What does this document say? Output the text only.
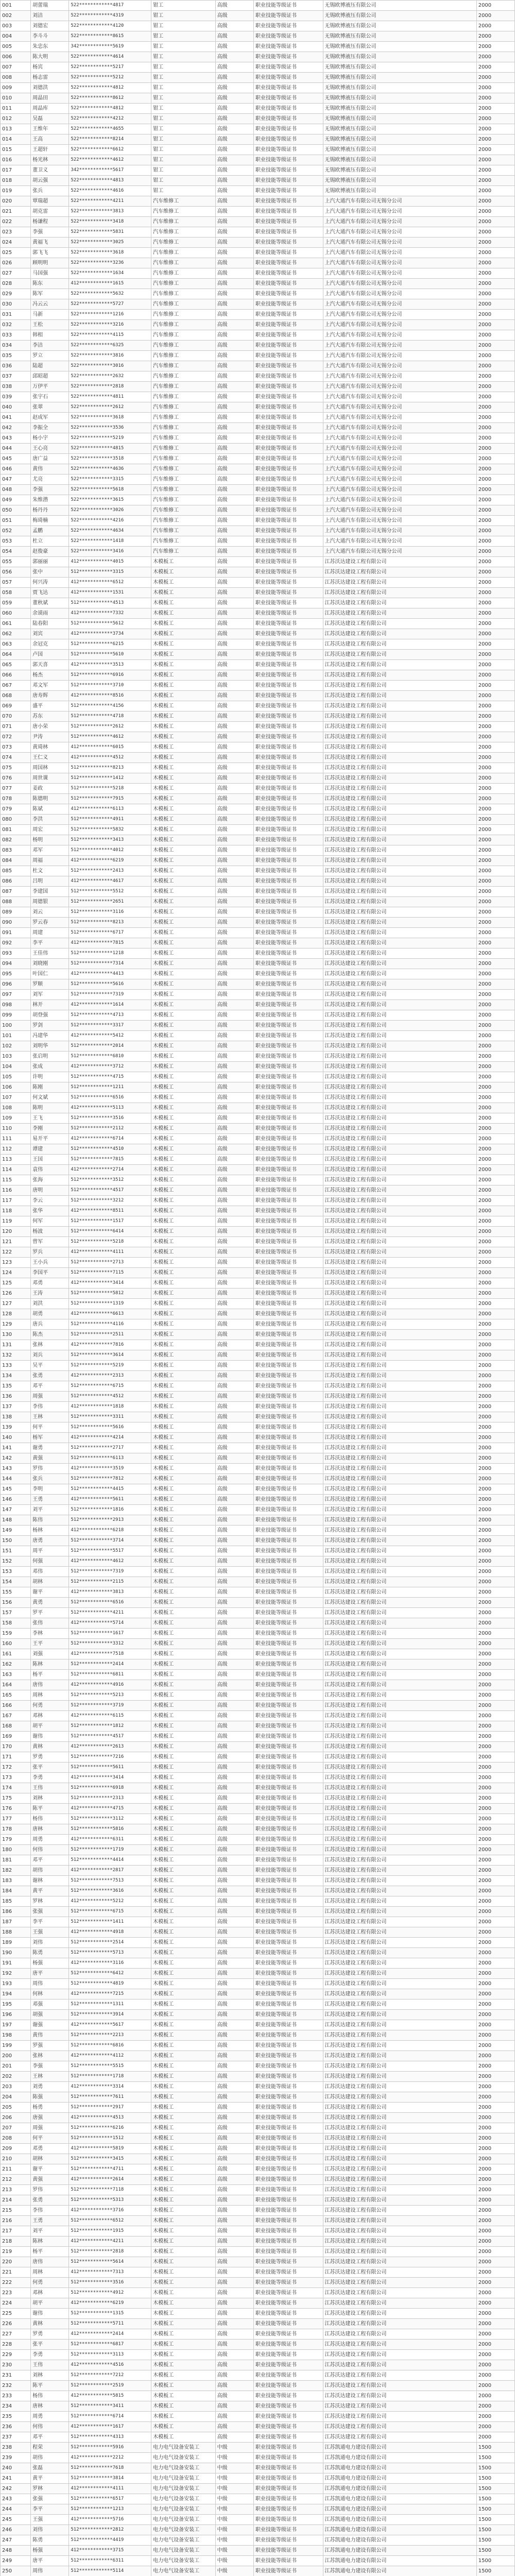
001	胡蕾瑞	522************4817	钳工	高级	职业技能等级证书	无锡欧博液压有限公司	2000
002	刘洁	522************4319	钳工	高级	职业技能等级证书	无锡欧博液压有限公司	2000
003	刘德宏	522************4120	钳工	高级	职业技能等级证书	无锡欧博液压有限公司	2000
004	李斗斗	522************8615	钳工	高级	职业技能等级证书	无锡欧博液压有限公司	2000
005	朱忠东	342************5619	钳工	高级	职业技能等级证书	无锡欧博液压有限公司	2000
006	陈大明	522************4614	钳工	高级	职业技能等级证书	无锡欧博液压有限公司	2000
007	杨宾	522************5217	钳工	高级	职业技能等级证书	无锡欧博液压有限公司	2000
008	杨志雷	522************5212	钳工	高级	职业技能等级证书	无锡欧博液压有限公司	2000
009	刘德洪	522************4812	钳工	高级	职业技能等级证书	无锡欧博液压有限公司	2000
010	周晶田	522************8612	钳工	高级	职业技能等级证书	无锡欧博液压有限公司	2000
011	周晶库	522************4812	钳工	高级	职业技能等级证书	无锡欧博液压有限公司	2000
012	吴磊	522************4212	钳工	高级	职业技能等级证书	无锡欧博液压有限公司	2000
013	王维年	522************4655	钳工	高级	职业技能等级证书	无锡欧博液压有限公司	2000
014	王高	522************8214	钳工	高级	职业技能等级证书	无锡欧博液压有限公司	2000
015	王超轩	522************6612	钳工	高级	职业技能等级证书	无锡欧博液压有限公司	2000
016	杨光林	522************4612	钳工	高级	职业技能等级证书	无锡欧博液压有限公司	2000
017	董卫义	342************5617	钳工	高级	职业技能等级证书	无锡欧博液压有限公司	2000
018	胡云强	522************4813	钳工	高级	职业技能等级证书	无锡欧博液压有限公司	2000
019	张兵	522************4616	钳工	高级	职业技能等级证书	无锡欧博液压有限公司	2000
020	覃瑞超	522************4211	汽车维修工	高级	职业技能等级证书	上汽大通汽车有限公司无锡分公司	2000
021	胡克雷	522************3813	汽车维修工	高级	职业技能等级证书	上汽大通汽车有限公司无锡分公司	2000
022	杨谦程	522************3418	汽车维修工	高级	职业技能等级证书	上汽大通汽车有限公司无锡分公司	2000
023	李强	522************5831	汽车维修工	高级	职业技能等级证书	上汽大通汽车有限公司无锡分公司	2000
024	黄福飞	522************3025	汽车维修工	高级	职业技能等级证书	上汽大通汽车有限公司无锡分公司	2000
025	郭飞飞	522************3618	汽车维修工	高级	职业技能等级证书	上汽大通汽车有限公司无锡分公司	2000
026	顾明明	522************3236	汽车维修工	高级	职业技能等级证书	上汽大通汽车有限公司无锡分公司	2000
027	马国强	522************1634	汽车维修工	高级	职业技能等级证书	上汽大通汽车有限公司无锡分公司	2000
028	陈东	412************1615	汽车维修工	高级	职业技能等级证书	上汽大通汽车有限公司无锡分公司	2000
029	陈军	522************5632	汽车维修工	高级	职业技能等级证书	上汽大通汽车有限公司无锡分公司	2000
030	冯云云	522************5727	汽车维修工	高级	职业技能等级证书	上汽大通汽车有限公司无锡分公司	2000
031	马新	522************1216	汽车维修工	高级	职业技能等级证书	上汽大通汽车有限公司无锡分公司	2000
032	王松	522************3216	汽车维修工	高级	职业技能等级证书	上汽大通汽车有限公司无锡分公司	2000
033	韩相	522************4115	汽车维修工	高级	职业技能等级证书	上汽大通汽车有限公司无锡分公司	2000
034	李洁	522************6325	汽车维修工	高级	职业技能等级证书	上汽大通汽车有限公司无锡分公司	2000
035	罗立	522************3816	汽车维修工	高级	职业技能等级证书	上汽大通汽车有限公司无锡分公司	2000
036	陆超	522************3016	汽车维修工	高级	职业技能等级证书	上汽大通汽车有限公司无锡分公司	2000
037	邱昭超	522************2632	汽车维修工	高级	职业技能等级证书	上汽大通汽车有限公司无锡分公司	2000
038	万伊平	522************2818	汽车维修工	高级	职业技能等级证书	上汽大通汽车有限公司无锡分公司	2000
039	张宇石	522************4811	汽车维修工	高级	职业技能等级证书	上汽大通汽车有限公司无锡分公司	2000
040	张翠	522************2612	汽车维修工	高级	职业技能等级证书	上汽大通汽车有限公司无锡分公司	2000
041	赵成军	522************3618	汽车维修工	高级	职业技能等级证书	上汽大通汽车有限公司无锡分公司	2000
042	李振全	522************3536	汽车维修工	高级	职业技能等级证书	上汽大通汽车有限公司无锡分公司	2000
043	杨小宇	522************5219	汽车维修工	高级	职业技能等级证书	上汽大通汽车有限公司无锡分公司	2000
044	王心亮	522************4815	汽车维修工	高级	职业技能等级证书	上汽大通汽车有限公司无锡分公司	2000
045	唐广益	522************3518	汽车维修工	高级	职业技能等级证书	上汽大通汽车有限公司无锡分公司	2000
046	黄伟	522************4636	汽车维修工	高级	职业技能等级证书	上汽大通汽车有限公司无锡分公司	2000
047	尤亮	522************3315	汽车维修工	高级	职业技能等级证书	上汽大通汽车有限公司无锡分公司	2000
048	李强	522************5618	汽车维修工	高级	职业技能等级证书	上汽大通汽车有限公司无锡分公司	2000
049	朱维潜	522************3615	汽车维修工	高级	职业技能等级证书	上汽大通汽车有限公司无锡分公司	2000
050	杨丹丹	522************3026	汽车维修工	高级	职业技能等级证书	上汽大通汽车有限公司无锡分公司	2000
051	梅琦楠	522************4216	汽车维修工	高级	职业技能等级证书	上汽大通汽车有限公司无锡分公司	2000
052	孟鹏	522************4634	汽车维修工	高级	职业技能等级证书	上汽大通汽车有限公司无锡分公司	2000
053	杜立	522************1418	汽车维修工	高级	职业技能等级证书	上汽大通汽车有限公司无锡分公司	2000
054	赵俊豪	522************3416	汽车维修工	高级	职业技能等级证书	上汽大通汽车有限公司无锡分公司	2000
055	郭丽丽	412************4015	木模板工	高级	职业技能等级证书	江苏沃达建设工程有限公司	2000
056	张中	512************3315	木模板工	高级	职业技能等级证书	江苏沃达建设工程有限公司	2000
057	何兴涛	412************6512	木模板工	高级	职业技能等级证书	江苏沃达建设工程有限公司	2000
058	贾飞达	412************1531	木模板工	高级	职业技能等级证书	江苏沃达建设工程有限公司	2000
059	董秋斌	512************4513	木模板工	高级	职业技能等级证书	江苏沃达建设工程有限公司	2000
060	余谟雨	412************7332	木模板工	高级	职业技能等级证书	江苏沃达建设工程有限公司	2000
061	陆春阳	512************5612	木模板工	高级	职业技能等级证书	江苏沃达建设工程有限公司	2000
062	刘宾	412************3734	木模板工	高级	职业技能等级证书	江苏沃达建设工程有限公司	2000
063	余冠克	512************6215	木模板工	高级	职业技能等级证书	江苏沃达建设工程有限公司	2000
064	卢国	512************5610	木模板工	高级	职业技能等级证书	江苏沃达建设工程有限公司	2000
065	郭天喜	412************3513	木模板工	高级	职业技能等级证书	江苏沃达建设工程有限公司	2000
066	杨杰	512************6916	木模板工	高级	职业技能等级证书	江苏沃达建设工程有限公司	2000
067	邓文军	512************3710	木模板工	高级	职业技能等级证书	江苏沃达建设工程有限公司	2000
068	唐寿辉	412************8516	木模板工	高级	职业技能等级证书	江苏沃达建设工程有限公司	2000
069	盛平	512************4156	木模板工	高级	职业技能等级证书	江苏沃达建设工程有限公司	2000
070	苏东	512************4718	木模板工	高级	职业技能等级证书	江苏沃达建设工程有限公司	2000
071	唐小荣	512************2612	木模板工	高级	职业技能等级证书	江苏沃达建设工程有限公司	2000
072	尹涛	512************4612	木模板工	高级	职业技能等级证书	江苏沃达建设工程有限公司	2000
073	黄琦林	412************6015	木模板工	高级	职业技能等级证书	江苏沃达建设工程有限公司	2000
074	王仁义	412************4512	木模板工	高级	职业技能等级证书	江苏沃达建设工程有限公司	2000
075	周国林	512************8213	木模板工	高级	职业技能等级证书	江苏沃达建设工程有限公司	2000
076	周世课	512************1412	木模板工	高级	职业技能等级证书	江苏沃达建设工程有限公司	2000
077	姜政	512************5218	木模板工	高级	职业技能等级证书	江苏沃达建设工程有限公司	2000
078	陈德明	512************7915	木模板工	高级	职业技能等级证书	江苏沃达建设工程有限公司	2000
079	陈斌	412************6113	木模板工	高级	职业技能等级证书	江苏沃达建设工程有限公司	2000
080	李洪	512************4911	木模板工	高级	职业技能等级证书	江苏沃达建设工程有限公司	2000
081	周宏	512************5832	木模板工	高级	职业技能等级证书	江苏沃达建设工程有限公司	2000
082	杨明	512************3413	木模板工	高级	职业技能等级证书	江苏沃达建设工程有限公司	2000
083	邓军	512************4012	木模板工	高级	职业技能等级证书	江苏沃达建设工程有限公司	2000
084	周福	412************6219	木模板工	高级	职业技能等级证书	江苏沃达建设工程有限公司	2000
085	杜文	512************2413	木模板工	高级	职业技能等级证书	江苏沃达建设工程有限公司	2000
086	吕明	412************4617	木模板工	高级	职业技能等级证书	江苏沃达建设工程有限公司	2000
087	李建国	512************5512	木模板工	高级	职业技能等级证书	江苏沃达建设工程有限公司	2000
088	周德银	512************2651	木模板工	高级	职业技能等级证书	江苏沃达建设工程有限公司	2000
089	刘云	512************3116	木模板工	高级	职业技能等级证书	江苏沃达建设工程有限公司	2000
090	罗云春	512************8213	木模板工	高级	职业技能等级证书	江苏沃达建设工程有限公司	2000
091	周建	512************6717	木模板工	高级	职业技能等级证书	江苏沃达建设工程有限公司	2000
092	李平	412************7815	木模板工	高级	职业技能等级证书	江苏沃达建设工程有限公司	2000
093	王佳伟	512************1218	木模板工	高级	职业技能等级证书	江苏沃达建设工程有限公司	2000
094	刘晓刚	512************7314	木模板工	高级	职业技能等级证书	江苏沃达建设工程有限公司	2000
095	叶国仁	412************4413	木模板工	高级	职业技能等级证书	江苏沃达建设工程有限公司	2000
096	罗顺	512************5616	木模板工	高级	职业技能等级证书	江苏沃达建设工程有限公司	2000
097	刘军	512************7319	木模板工	高级	职业技能等级证书	江苏沃达建设工程有限公司	2000
098	林开	412************1614	木模板工	高级	职业技能等级证书	江苏沃达建设工程有限公司	2000
099	胡登强	512************4713	木模板工	高级	职业技能等级证书	江苏沃达建设工程有限公司	2000
100	罗剑	512************3317	木模板工	高级	职业技能等级证书	江苏沃达建设工程有限公司	2000
101	冯建华	412************5412	木模板工	高级	职业技能等级证书	江苏沃达建设工程有限公司	2000
102	刘明华	512************2014	木模板工	高级	职业技能等级证书	江苏沃达建设工程有限公司	2000
103	张启明	512************6810	木模板工	高级	职业技能等级证书	江苏沃达建设工程有限公司	2000
104	张成	412************3712	木模板工	高级	职业技能等级证书	江苏沃达建设工程有限公司	2000
105	许明	512************4715	木模板工	高级	职业技能等级证书	江苏沃达建设工程有限公司	2000
106	陈刚	512************1211	木模板工	高级	职业技能等级证书	江苏沃达建设工程有限公司	2000
107	何文斌	512************6516	木模板工	高级	职业技能等级证书	江苏沃达建设工程有限公司	2000
108	陈明	412************5113	木模板工	高级	职业技能等级证书	江苏沃达建设工程有限公司	2000
109	王飞	512************3516	木模板工	高级	职业技能等级证书	江苏沃达建设工程有限公司	2000
110	李刚	512************2112	木模板工	高级	职业技能等级证书	江苏沃达建设工程有限公司	2000
111	易开平	412************6714	木模板工	高级	职业技能等级证书	江苏沃达建设工程有限公司	2000
112	谭建	512************4510	木模板工	高级	职业技能等级证书	江苏沃达建设工程有限公司	2000
113	王国	512************7815	木模板工	高级	职业技能等级证书	江苏沃达建设工程有限公司	2000
114	袁伟	412************2714	木模板工	高级	职业技能等级证书	江苏沃达建设工程有限公司	2000
115	张海	512************3512	木模板工	高级	职业技能等级证书	江苏沃达建设工程有限公司	2000
116	唐明	512************4517	木模板工	高级	职业技能等级证书	江苏沃达建设工程有限公司	2000
117	李云	512************3212	木模板工	高级	职业技能等级证书	江苏沃达建设工程有限公司	2000
118	张华	412************8511	木模板工	高级	职业技能等级证书	江苏沃达建设工程有限公司	2000
119	何军	512************1517	木模板工	高级	职业技能等级证书	江苏沃达建设工程有限公司	2000
120	杨波	512************6414	木模板工	高级	职业技能等级证书	江苏沃达建设工程有限公司	2000
121	曾军	512************5218	木模板工	高级	职业技能等级证书	江苏沃达建设工程有限公司	2000
122	罗兵	412************4111	木模板工	高级	职业技能等级证书	江苏沃达建设工程有限公司	2000
123	王小兵	512************2713	木模板工	高级	职业技能等级证书	江苏沃达建设工程有限公司	2000
124	李国平	512************7115	木模板工	高级	职业技能等级证书	江苏沃达建设工程有限公司	2000
125	邓勇	412************3414	木模板工	高级	职业技能等级证书	江苏沃达建设工程有限公司	2000
126	王涛	512************5812	木模板工	高级	职业技能等级证书	江苏沃达建设工程有限公司	2000
127	刘洪	512************1319	木模板工	高级	职业技能等级证书	江苏沃达建设工程有限公司	2000
128	胡勇	412************6613	木模板工	高级	职业技能等级证书	江苏沃达建设工程有限公司	2000
129	唐兵	512************4116	木模板工	高级	职业技能等级证书	江苏沃达建设工程有限公司	2000
130	陈杰	512************2511	木模板工	高级	职业技能等级证书	江苏沃达建设工程有限公司	2000
131	张林	412************7816	木模板工	高级	职业技能等级证书	江苏沃达建设工程有限公司	2000
132	刘兵	512************3614	木模板工	高级	职业技能等级证书	江苏沃达建设工程有限公司	2000
133	吴平	512************5219	木模板工	高级	职业技能等级证书	江苏沃达建设工程有限公司	2000
134	张勇	412************2313	木模板工	高级	职业技能等级证书	江苏沃达建设工程有限公司	2000
135	邓平	512************6715	木模板工	高级	职业技能等级证书	江苏沃达建设工程有限公司	2000
136	周强	512************4512	木模板工	高级	职业技能等级证书	江苏沃达建设工程有限公司	2000
137	李伟	412************1818	木模板工	高级	职业技能等级证书	江苏沃达建设工程有限公司	2000
138	王林	512************3311	木模板工	高级	职业技能等级证书	江苏沃达建设工程有限公司	2000
139	何平	512************5616	木模板工	高级	职业技能等级证书	江苏沃达建设工程有限公司	2000
140	杨军	412************4214	木模板工	高级	职业技能等级证书	江苏沃达建设工程有限公司	2000
141	谢勇	512************2717	木模板工	高级	职业技能等级证书	江苏沃达建设工程有限公司	2000
142	黄强	512************6113	木模板工	高级	职业技能等级证书	江苏沃达建设工程有限公司	2000
143	罗伟	412************3519	木模板工	高级	职业技能等级证书	江苏沃达建设工程有限公司	2000
144	张兵	512************7812	木模板工	高级	职业技能等级证书	江苏沃达建设工程有限公司	2000
145	李明	512************4415	木模板工	高级	职业技能等级证书	江苏沃达建设工程有限公司	2000
146	王勇	412************5611	木模板工	高级	职业技能等级证书	江苏沃达建设工程有限公司	2000
147	刘平	512************1816	木模板工	高级	职业技能等级证书	江苏沃达建设工程有限公司	2000
148	陈伟	512************2913	木模板工	高级	职业技能等级证书	江苏沃达建设工程有限公司	2000
149	杨林	412************6218	木模板工	高级	职业技能等级证书	江苏沃达建设工程有限公司	2000
150	唐勇	512************3714	木模板工	高级	职业技能等级证书	江苏沃达建设工程有限公司	2000
151	周平	512************5517	木模板工	高级	职业技能等级证书	江苏沃达建设工程有限公司	2000
152	何强	412************4612	木模板工	高级	职业技能等级证书	江苏沃达建设工程有限公司	2000
153	邓伟	512************7319	木模板工	高级	职业技能等级证书	江苏沃达建设工程有限公司	2000
154	胡林	512************2115	木模板工	高级	职业技能等级证书	江苏沃达建设工程有限公司	2000
155	谢平	412************3813	木模板工	高级	职业技能等级证书	江苏沃达建设工程有限公司	2000
156	黄勇	512************6516	木模板工	高级	职业技能等级证书	江苏沃达建设工程有限公司	2000
157	罗平	512************4211	木模板工	高级	职业技能等级证书	江苏沃达建设工程有限公司	2000
158	张伟	412************5714	木模板工	高级	职业技能等级证书	江苏沃达建设工程有限公司	2000
159	李林	512************1617	木模板工	高级	职业技能等级证书	江苏沃达建设工程有限公司	2000
160	王平	512************3312	木模板工	高级	职业技能等级证书	江苏沃达建设工程有限公司	2000
161	刘强	412************7518	木模板工	高级	职业技能等级证书	江苏沃达建设工程有限公司	2000
162	陈林	512************2414	木模板工	高级	职业技能等级证书	江苏沃达建设工程有限公司	2000
163	杨平	512************6811	木模板工	高级	职业技能等级证书	江苏沃达建设工程有限公司	2000
164	唐伟	412************4916	木模板工	高级	职业技能等级证书	江苏沃达建设工程有限公司	2000
165	周林	512************5213	木模板工	高级	职业技能等级证书	江苏沃达建设工程有限公司	2000
166	何勇	512************3719	木模板工	高级	职业技能等级证书	江苏沃达建设工程有限公司	2000
167	邓林	412************6115	木模板工	高级	职业技能等级证书	江苏沃达建设工程有限公司	2000
168	胡平	512************1812	木模板工	高级	职业技能等级证书	江苏沃达建设工程有限公司	2000
169	谢伟	512************4517	木模板工	高级	职业技能等级证书	江苏沃达建设工程有限公司	2000
170	黄林	412************2613	木模板工	高级	职业技能等级证书	江苏沃达建设工程有限公司	2000
171	罗勇	512************7216	木模板工	高级	职业技能等级证书	江苏沃达建设工程有限公司	2000
172	张平	512************5611	木模板工	高级	职业技能等级证书	江苏沃达建设工程有限公司	2000
173	李勇	412************3414	木模板工	高级	职业技能等级证书	江苏沃达建设工程有限公司	2000
174	王伟	512************6918	木模板工	高级	职业技能等级证书	江苏沃达建设工程有限公司	2000
175	刘林	512************2313	木模板工	高级	职业技能等级证书	江苏沃达建设工程有限公司	2000
176	陈平	412************4715	木模板工	高级	职业技能等级证书	江苏沃达建设工程有限公司	2000
177	杨伟	512************3112	木模板工	高级	职业技能等级证书	江苏沃达建设工程有限公司	2000
178	唐林	512************5816	木模板工	高级	职业技能等级证书	江苏沃达建设工程有限公司	2000
179	周勇	412************6311	木模板工	高级	职业技能等级证书	江苏沃达建设工程有限公司	2000
180	何伟	512************1719	木模板工	高级	职业技能等级证书	江苏沃达建设工程有限公司	2000
181	邓平	512************4414	木模板工	高级	职业技能等级证书	江苏沃达建设工程有限公司	2000
182	胡伟	412************2817	木模板工	高级	职业技能等级证书	江苏沃达建设工程有限公司	2000
183	谢林	512************7513	木模板工	高级	职业技能等级证书	江苏沃达建设工程有限公司	2000
184	黄平	512************3616	木模板工	高级	职业技能等级证书	江苏沃达建设工程有限公司	2000
185	罗林	412************5212	木模板工	高级	职业技能等级证书	江苏沃达建设工程有限公司	2000
186	张强	512************6715	木模板工	高级	职业技能等级证书	江苏沃达建设工程有限公司	2000
187	李平	512************1411	木模板工	高级	职业技能等级证书	江苏沃达建设工程有限公司	2000
188	王强	412************4918	木模板工	高级	职业技能等级证书	江苏沃达建设工程有限公司	2000
189	刘伟	512************2514	木模板工	高级	职业技能等级证书	江苏沃达建设工程有限公司	2000
190	陈勇	512************5713	木模板工	高级	职业技能等级证书	江苏沃达建设工程有限公司	2000
191	杨强	412************3116	木模板工	高级	职业技能等级证书	江苏沃达建设工程有限公司	2000
192	唐平	512************6412	木模板工	高级	职业技能等级证书	江苏沃达建设工程有限公司	2000
193	周伟	512************4819	木模板工	高级	职业技能等级证书	江苏沃达建设工程有限公司	2000
194	何林	412************7215	木模板工	高级	职业技能等级证书	江苏沃达建设工程有限公司	2000
195	邓强	512************1311	木模板工	高级	职业技能等级证书	江苏沃达建设工程有限公司	2000
196	胡强	512************3914	木模板工	高级	职业技能等级证书	江苏沃达建设工程有限公司	2000
197	谢强	412************5617	木模板工	高级	职业技能等级证书	江苏沃达建设工程有限公司	2000
198	黄伟	512************2213	木模板工	高级	职业技能等级证书	江苏沃达建设工程有限公司	2000
199	罗强	512************6816	木模板工	高级	职业技能等级证书	江苏沃达建设工程有限公司	2000
200	张林	412************4112	木模板工	高级	职业技能等级证书	江苏沃达建设工程有限公司	2000
201	李强	512************5515	木模板工	高级	职业技能等级证书	江苏沃达建设工程有限公司	2000
202	王林	512************1718	木模板工	高级	职业技能等级证书	江苏沃达建设工程有限公司	2000
203	刘勇	412************3314	木模板工	高级	职业技能等级证书	江苏沃达建设工程有限公司	2000
204	陈强	512************7611	木模板工	高级	职业技能等级证书	江苏沃达建设工程有限公司	2000
205	杨勇	512************2917	木模板工	高级	职业技能等级证书	江苏沃达建设工程有限公司	2000
206	唐强	412************4513	木模板工	高级	职业技能等级证书	江苏沃达建设工程有限公司	2000
207	周强	512************6216	木模板工	高级	职业技能等级证书	江苏沃达建设工程有限公司	2000
208	何平	512************1512	木模板工	高级	职业技能等级证书	江苏沃达建设工程有限公司	2000
209	邓勇	412************5819	木模板工	高级	职业技能等级证书	江苏沃达建设工程有限公司	2000
210	胡林	512************3415	木模板工	高级	职业技能等级证书	江苏沃达建设工程有限公司	2000
211	谢平	512************4711	木模板工	高级	职业技能等级证书	江苏沃达建设工程有限公司	2000
212	黄强	412************2614	木模板工	高级	职业技能等级证书	江苏沃达建设工程有限公司	2000
213	罗伟	512************7118	木模板工	高级	职业技能等级证书	江苏沃达建设工程有限公司	2000
214	张勇	512************5313	木模板工	高级	职业技能等级证书	江苏沃达建设工程有限公司	2000
215	李伟	412************3716	木模板工	高级	职业技能等级证书	江苏沃达建设工程有限公司	2000
216	王勇	512************6512	木模板工	高级	职业技能等级证书	江苏沃达建设工程有限公司	2000
217	刘平	512************1915	木模板工	高级	职业技能等级证书	江苏沃达建设工程有限公司	2000
218	陈林	412************4211	木模板工	高级	职业技能等级证书	江苏沃达建设工程有限公司	2000
219	杨平	512************2818	木模板工	高级	职业技能等级证书	江苏沃达建设工程有限公司	2000
220	唐伟	512************5614	木模板工	高级	职业技能等级证书	江苏沃达建设工程有限公司	2000
221	周林	412************7313	木模板工	高级	职业技能等级证书	江苏沃达建设工程有限公司	2000
222	何勇	512************3516	木模板工	高级	职业技能等级证书	江苏沃达建设工程有限公司	2000
223	邓林	512************4912	木模板工	高级	职业技能等级证书	江苏沃达建设工程有限公司	2000
224	胡平	412************6219	木模板工	高级	职业技能等级证书	江苏沃达建设工程有限公司	2000
225	谢伟	512************1315	木模板工	高级	职业技能等级证书	江苏沃达建设工程有限公司	2000
226	黄林	512************5711	木模板工	高级	职业技能等级证书	江苏沃达建设工程有限公司	2000
227	罗勇	412************2414	木模板工	高级	职业技能等级证书	江苏沃达建设工程有限公司	2000
228	张平	512************6817	木模板工	高级	职业技能等级证书	江苏沃达建设工程有限公司	2000
229	李勇	512************3113	木模板工	高级	职业技能等级证书	江苏沃达建设工程有限公司	2000
230	王伟	412************4516	木模板工	高级	职业技能等级证书	江苏沃达建设工程有限公司	2000
231	刘林	512************7212	木模板工	高级	职业技能等级证书	江苏沃达建设工程有限公司	2000
232	陈平	512************2519	木模板工	高级	职业技能等级证书	江苏沃达建设工程有限公司	2000
233	杨伟	412************5815	木模板工	高级	职业技能等级证书	江苏沃达建设工程有限公司	2000
234	唐林	512************3411	木模板工	高级	职业技能等级证书	江苏沃达建设工程有限公司	2000
235	周勇	512************6714	木模板工	高级	职业技能等级证书	江苏沃达建设工程有限公司	2000
236	何伟	412************1617	木模板工	高级	职业技能等级证书	江苏沃达建设工程有限公司	2000
237	邓平	512************4313	木模板工	高级	职业技能等级证书	江苏沃达建设工程有限公司	2000
238	程荣	512************5916	电力电气设备安装工	中级	职业技能等级证书	江苏凯通电力建设有限公司	1500
239	胡伟	412************2212	电力电气设备安装工	中级	职业技能等级证书	江苏凯通电力建设有限公司	1500
240	张磊	512************7618	电力电气设备安装工	中级	职业技能等级证书	江苏凯通电力建设有限公司	1500
241	黄平	512************3814	电力电气设备安装工	中级	职业技能等级证书	江苏凯通电力建设有限公司	1500
242	罗林	412************4111	电力电气设备安装工	中级	职业技能等级证书	江苏凯通电力建设有限公司	1500
243	张强	512************6517	电力电气设备安装工	中级	职业技能等级证书	江苏凯通电力建设有限公司	1500
244	李平	512************1213	电力电气设备安装工	中级	职业技能等级证书	江苏凯通电力建设有限公司	1500
245	王强	412************5716	电力电气设备安装工	中级	职业技能等级证书	江苏凯通电力建设有限公司	1500
246	刘伟	512************2812	电力电气设备安装工	中级	职业技能等级证书	江苏凯通电力建设有限公司	1500
247	陈勇	512************4419	电力电气设备安装工	中级	职业技能等级证书	江苏凯通电力建设有限公司	1500
248	杨强	412************3715	电力电气设备安装工	中级	职业技能等级证书	江苏凯通电力建设有限公司	1500
249	唐平	512************6311	电力电气设备安装工	中级	职业技能等级证书	江苏凯通电力建设有限公司	1500
250	周伟	512************5114	电力电气设备安装工	中级	职业技能等级证书	江苏凯通电力建设有限公司	1500
